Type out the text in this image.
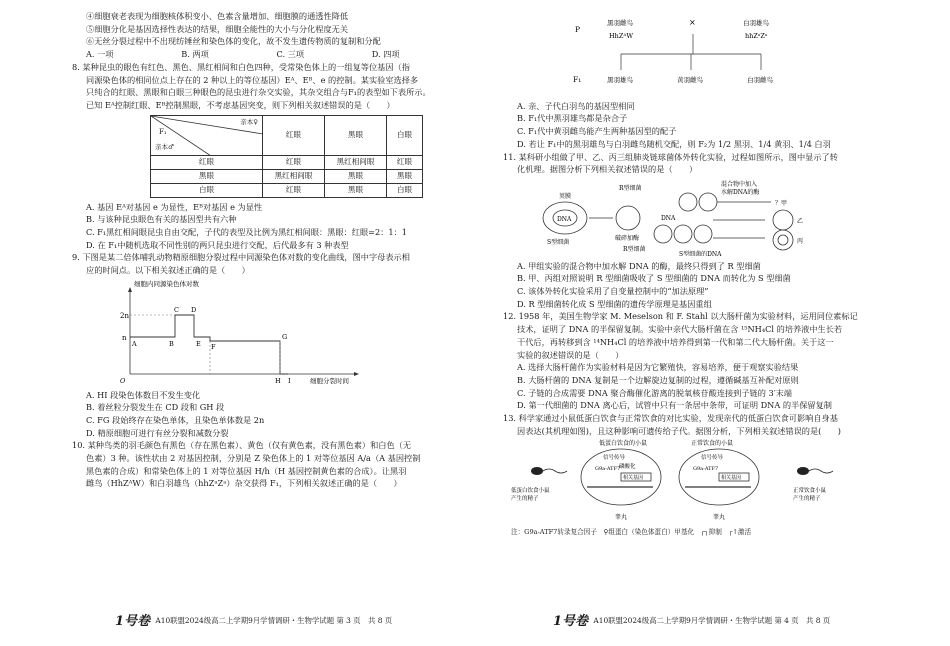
④细胞衰老表现为细胞核体积变小、色素含量增加、细胞膜的通透性降低
⑤细胞分化是基因选择性表达的结果，细胞全能性的大小与分化程度无关
⑥无丝分裂过程中不出现纺锤丝和染色体的变化，故不发生遗传物质的复制和分配
A. 一项	B. 两项	C. 三项	D. 四项
8. 某种昆虫的眼色有红色、黑色、黑红相间和白色四种，受常染色体上的一组复等位基因（指
同源染色体的相同位点上存在的 2 种以上的等位基因）Eᴬ、Eᴮ、e 的控制。某实验室选择多
只纯合的红眼、黑眼和白眼三种眼色的昆虫进行杂交实验，其杂交组合与F₁的表型如下表所示。
已知 Eᴬ控制红眼、Eᴮ控制黑眼，不考虑基因突变，则下列相关叙述错误的是（　　）
亲本♀
F₁
亲本♂	红眼	黑眼	白眼
红眼	红眼	黑红相间眼	红眼
黑眼	黑红相间眼	黑眼	黑眼
白眼	红眼	黑眼	白眼
A. 基因 Eᴬ对基因 e 为显性，Eᴮ对基因 e 为显性
B. 与该种昆虫眼色有关的基因型共有六种
C. F₁黑红相间眼昆虫自由交配，子代的表型及比例为黑红相间眼：黑眼：红眼=2：1：1
D. 在 F₁中随机选取不同性别的两只昆虫进行交配，后代最多有 3 种表型
9. 下图是某二倍体哺乳动物精原细胞分裂过程中同源染色体对数的变化曲线，图中字母表示相
应的时间点。以下相关叙述正确的是（　　）
细胞内同源染色体对数
2n
n
A	B
C D
E F
G
H I
O	细胞分裂时间
A. HI 段染色体数目不发生变化
B. 着丝粒分裂发生在 CD 段和 GH 段
C. FG 段始终存在染色单体，且染色单体数是 2n
D. 精原细胞可进行有丝分裂和减数分裂
10. 某种鸟类的羽毛颜色有黑色（存在黑色素）、黄色（仅有黄色素，没有黑色素）和白色（无
色素）3 种。该性状由 2 对基因控制，分别是 Z 染色体上的 1 对等位基因 A/a（A 基因控制
黑色素的合成）和常染色体上的 1 对等位基因 H/h（H 基因控制黄色素的合成）。让黑羽
雌鸟（HhZᴬW）和白羽雄鸟（hhZᵃZᵃ）杂交获得 F₁，下列相关叙述正确的是（　　）
1号卷 A10联盟2024级高二上学期9月学情调研・生物学试题 第 3 页　共 8 页
P
黑羽雌鸟
HhZᴬW
×	白羽雄鸟
hhZᵃZᵃ
F₁	黑羽雄鸟	黄羽雌鸟	白羽雌鸟
A. 亲、子代白羽鸟的基因型相同
B. F₁代中黑羽雄鸟都是杂合子
C. F₁代中黄羽雌鸟能产生两种基因型的配子
D. 若让 F₁中的黑羽雄鸟与白羽雌鸟随机交配，则 F₂为 1/2 黑羽、1/4 黄羽、1/4 白羽
11. 某科研小组做了甲、乙、丙三组肺炎链球菌体外转化实验，过程如图所示，图中显示了转
化机理。据图分析下列相关叙述错误的是（　　）
DNA
荚膜
S型细菌
破碎加酶
R型细菌
混合物中加入
水解DNA的酶
？甲
DNA
R型细菌
S型细菌的DNA
乙
丙
A. 甲组实验的混合物中加水解 DNA 的酶，最终只得到了 R 型细菌
B. 甲、丙组对照说明 R 型细菌吸收了 S 型细菌的 DNA 而转化为 S 型细菌
C. 该体外转化实验采用了自变量控制中的“加法原理”
D. R 型细菌转化成 S 型细菌的遗传学原理是基因重组
12. 1958 年，美国生物学家 M. Meselson 和 F. Stahl 以大肠杆菌为实验材料，运用同位素标记
技术，证明了 DNA 的半保留复制。实验中亲代大肠杆菌在含 ¹⁵NH₄Cl 的培养液中生长若
干代后，再转移到含 ¹⁴NH₄Cl 的培养液中培养得到第一代和第二代大肠杆菌。关于这一
实验的叙述错误的是（　　）
A. 选择大肠杆菌作为实验材料是因为它繁殖快，容易培养，便于观察实验结果
B. 大肠杆菌的 DNA 复制是一个边解旋边复制的过程，遵循碱基互补配对原则
C. 子链的合成需要 DNA 聚合酶催化游离的脱氧核苷酸连接到子链的 3′末端
D. 第一代细菌的 DNA 离心后，试管中只有一条居中条带，可证明 DNA 的半保留复制
13. 科学家通过小鼠低蛋白饮食与正常饮食的对比实验，发现亲代的低蛋白饮食可影响自身基
因表达(其机理如图)，且这种影响可遗传给子代。据图分析，下列相关叙述错误的是(　　)
低蛋白饮食的小鼠	正常饮食的小鼠
信号传导	信号传导
磷酸化
G9a-ATF7	G9a-ATF7
相关基因	相关基因
睾丸	睾丸
低蛋白饮食小鼠
产生的精子
正常饮食小鼠
产生的精子
注：G9a-ATF7转录复合因子　⚲组蛋白（染色体蛋白）甲基化　┌┐抑制　┌↑激活
1号卷 A10联盟2024级高二上学期9月学情调研・生物学试题 第 4 页　共 8 页
